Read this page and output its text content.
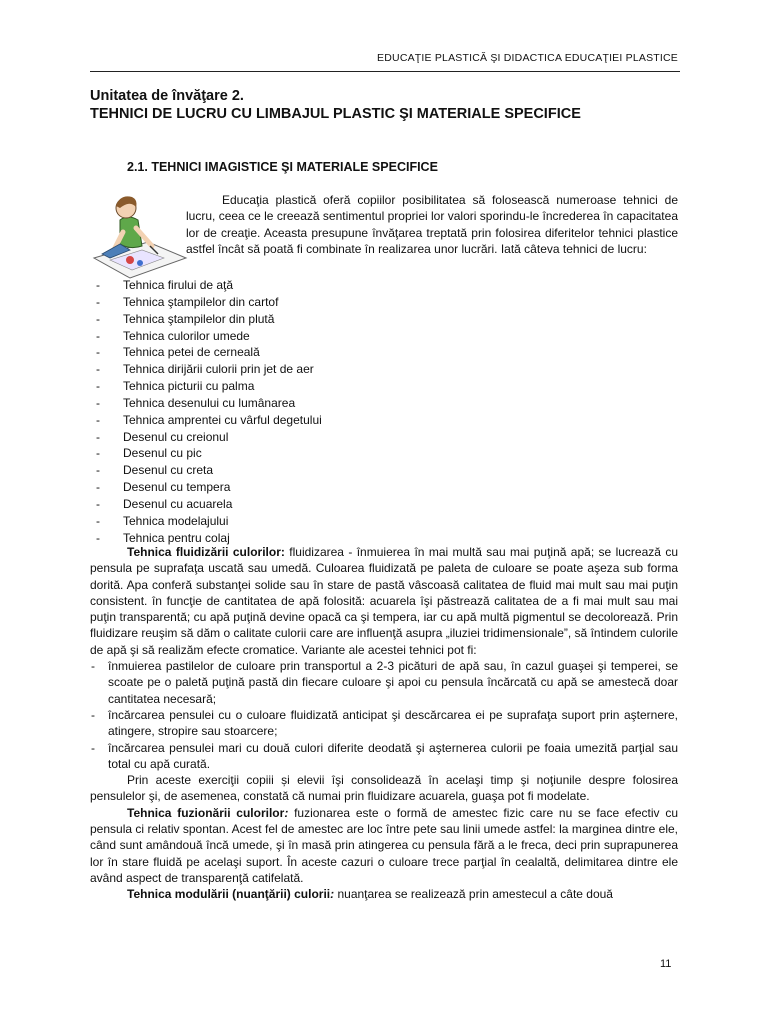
EDUCAŢIE PLASTICĂ ŞI DIDACTICA EDUCAŢIEI PLASTICE
Unitatea de învăţare 2.
TEHNICI DE LUCRU CU LIMBAJUL PLASTIC ŞI MATERIALE SPECIFICE
2.1. TEHNICI IMAGISTICE ŞI MATERIALE SPECIFICE

Educaţia plastică oferă copiilor posibilitatea să folosească numeroase tehnici de lucru, ceea ce le creează sentimentul propriei lor valori sporindu-le încrederea în capacitatea lor de creaţie. Aceasta presupune învăţarea treptată prin folosirea diferitelor tehnici plastice astfel încât să poată fi combinate în realizarea unor lucrări. Iată câteva tehnici de lucru:

- Tehnica firului de aţă
- Tehnica ştampilelor din cartof
- Tehnica ştampilelor din plută
- Tehnica culorilor umede
- Tehnica petei de cerneală
- Tehnica dirijării culorii prin jet de aer
- Tehnica picturii cu palma
- Tehnica desenului cu lumânarea
- Tehnica amprentei cu vârful degetului
- Desenul cu creionul
- Desenul cu pic
- Desenul cu creta
- Desenul cu tempera
- Desenul cu acuarela
- Tehnica modelajului
- Tehnica pentru colaj

Tehnica fluidizării culorilor: fluidizarea - înmuierea în mai multă sau mai puţină apă; se lucrează cu pensula pe suprafaţa uscată sau umedă. Culoarea fluidizată pe paleta de culoare se poate aşeza sub forma dorită. Apa conferă substanţei solide sau în stare de pastă vâscoasă calitatea de fluid mai mult sau mai puţin consistent. în funcţie de cantitatea de apă folosită: acuarela îşi păstrează calitatea de a fi mai mult sau mai puţin transparentă; cu apă puţină devine opacă ca şi tempera, iar cu apă multă pigmentul se decolorează. Prin fluidizare reuşim să dăm o calitate culorii care are influenţă asupra „iluziei tridimensionale”, să întindem culorile de apă şi să realizăm efecte cromatice. Variante ale acestei tehnici pot fi:

- înmuierea pastilelor de culoare prin transportul a 2-3 picături de apă sau, în cazul guaşei şi temperei, se scoate pe o paletă puţină pastă din fiecare culoare şi apoi cu pensula încărcată cu apă se amestecă doar cantitatea necesară;
- încărcarea pensulei cu o culoare fluidizată anticipat şi descărcarea ei pe suprafaţa suport prin aşternere, atingere, stropire sau stoarcere;
- încărcarea pensulei mari cu două culori diferite deodată şi aşternerea culorii pe foaia umezită parţial sau total cu apă curată.

Prin aceste exerciţii copiii și elevii îşi consolidează în acelaşi timp şi noţiunile despre folosirea pensulelor şi, de asemenea, constată că numai prin fluidizare acuarela, guaşa pot fi modelate.

Tehnica fuzionării culorilor: fuzionarea este o formă de amestec fizic care nu se face efectiv cu pensula ci relativ spontan. Acest fel de amestec are loc între pete sau linii umede astfel: la marginea dintre ele, când sunt amândouă încă umede, şi în masă prin atingerea cu pensula fără a le freca, deci prin suprapunerea lor în stare fluidă pe acelaşi suport. În aceste cazuri o culoare trece parţial în cealaltă, delimitarea dintre ele având aspect de transparenţă catifelată.

Tehnica modulării (nuanţării) culorii: nuanţarea se realizează prin amestecul a câte două

11
